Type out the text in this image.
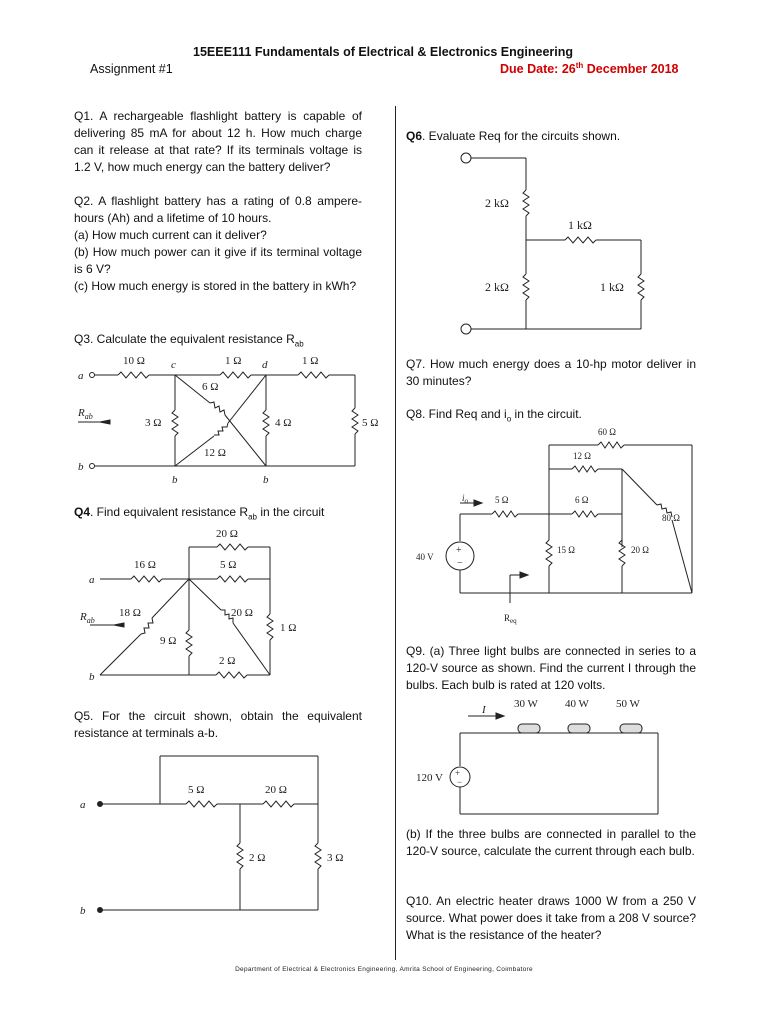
15EEE111 Fundamentals of Electrical & Electronics Engineering
Assignment #1	Due Date: 26th December 2018
Q1. A rechargeable flashlight battery is capable of delivering 85 mA for about 12 h. How much charge can it release at that rate? If its terminals voltage is 1.2 V, how much energy can the battery deliver?
Q2. A flashlight battery has a rating of 0.8 ampere-hours (Ah) and a lifetime of 10 hours.
(a) How much current can it deliver?
(b) How much power can it give if its terminal voltage is 6 V?
(c) How much energy is stored in the battery in kWh?
Q3. Calculate the equivalent resistance $R_{ab}$
10 Ω	1 Ω	1 Ω
6 Ω
3 Ω	4 Ω	5 Ω
12 Ω
a
b
b	b
c	d
$R_{ab}$
Q4. Find equivalent resistance $R_{ab}$ in the circuit
20 Ω
16 Ω	5 Ω
18 Ω	20 Ω
9 Ω
1 Ω
2 Ω
a
b
$R_{ab}$
Q5. For the circuit shown, obtain the equivalent resistance at terminals a-b.
5 Ω	20 Ω
2 Ω	3 Ω
a
b
Q6. Evaluate Req for the circuits shown.
2 kΩ
1 kΩ
2 kΩ	1 kΩ
Q7. How much energy does a 10-hp motor deliver in 30 minutes?
Q8. Find Req and $i_o$ in the circuit.
+
−
60 Ω
12 Ω
5 Ω	6 Ω
80 Ω
15 Ω	20 Ω
40 V
$i_o$
$R_{eq}$
Q9. (a) Three light bulbs are connected in series to a 120-V source as shown. Find the current I through the bulbs. Each bulb is rated at 120 volts.
+
−
30 W 40 W 50 W
I
120 V
(b) If the three bulbs are connected in parallel to the 120-V source, calculate the current through each bulb.
Q10. An electric heater draws 1000 W from a 250 V source. What power does it take from a 208 V source? What is the resistance of the heater?
Department of Electrical & Electronics Engineering, Amrita School of Engineering, Coimbatore
